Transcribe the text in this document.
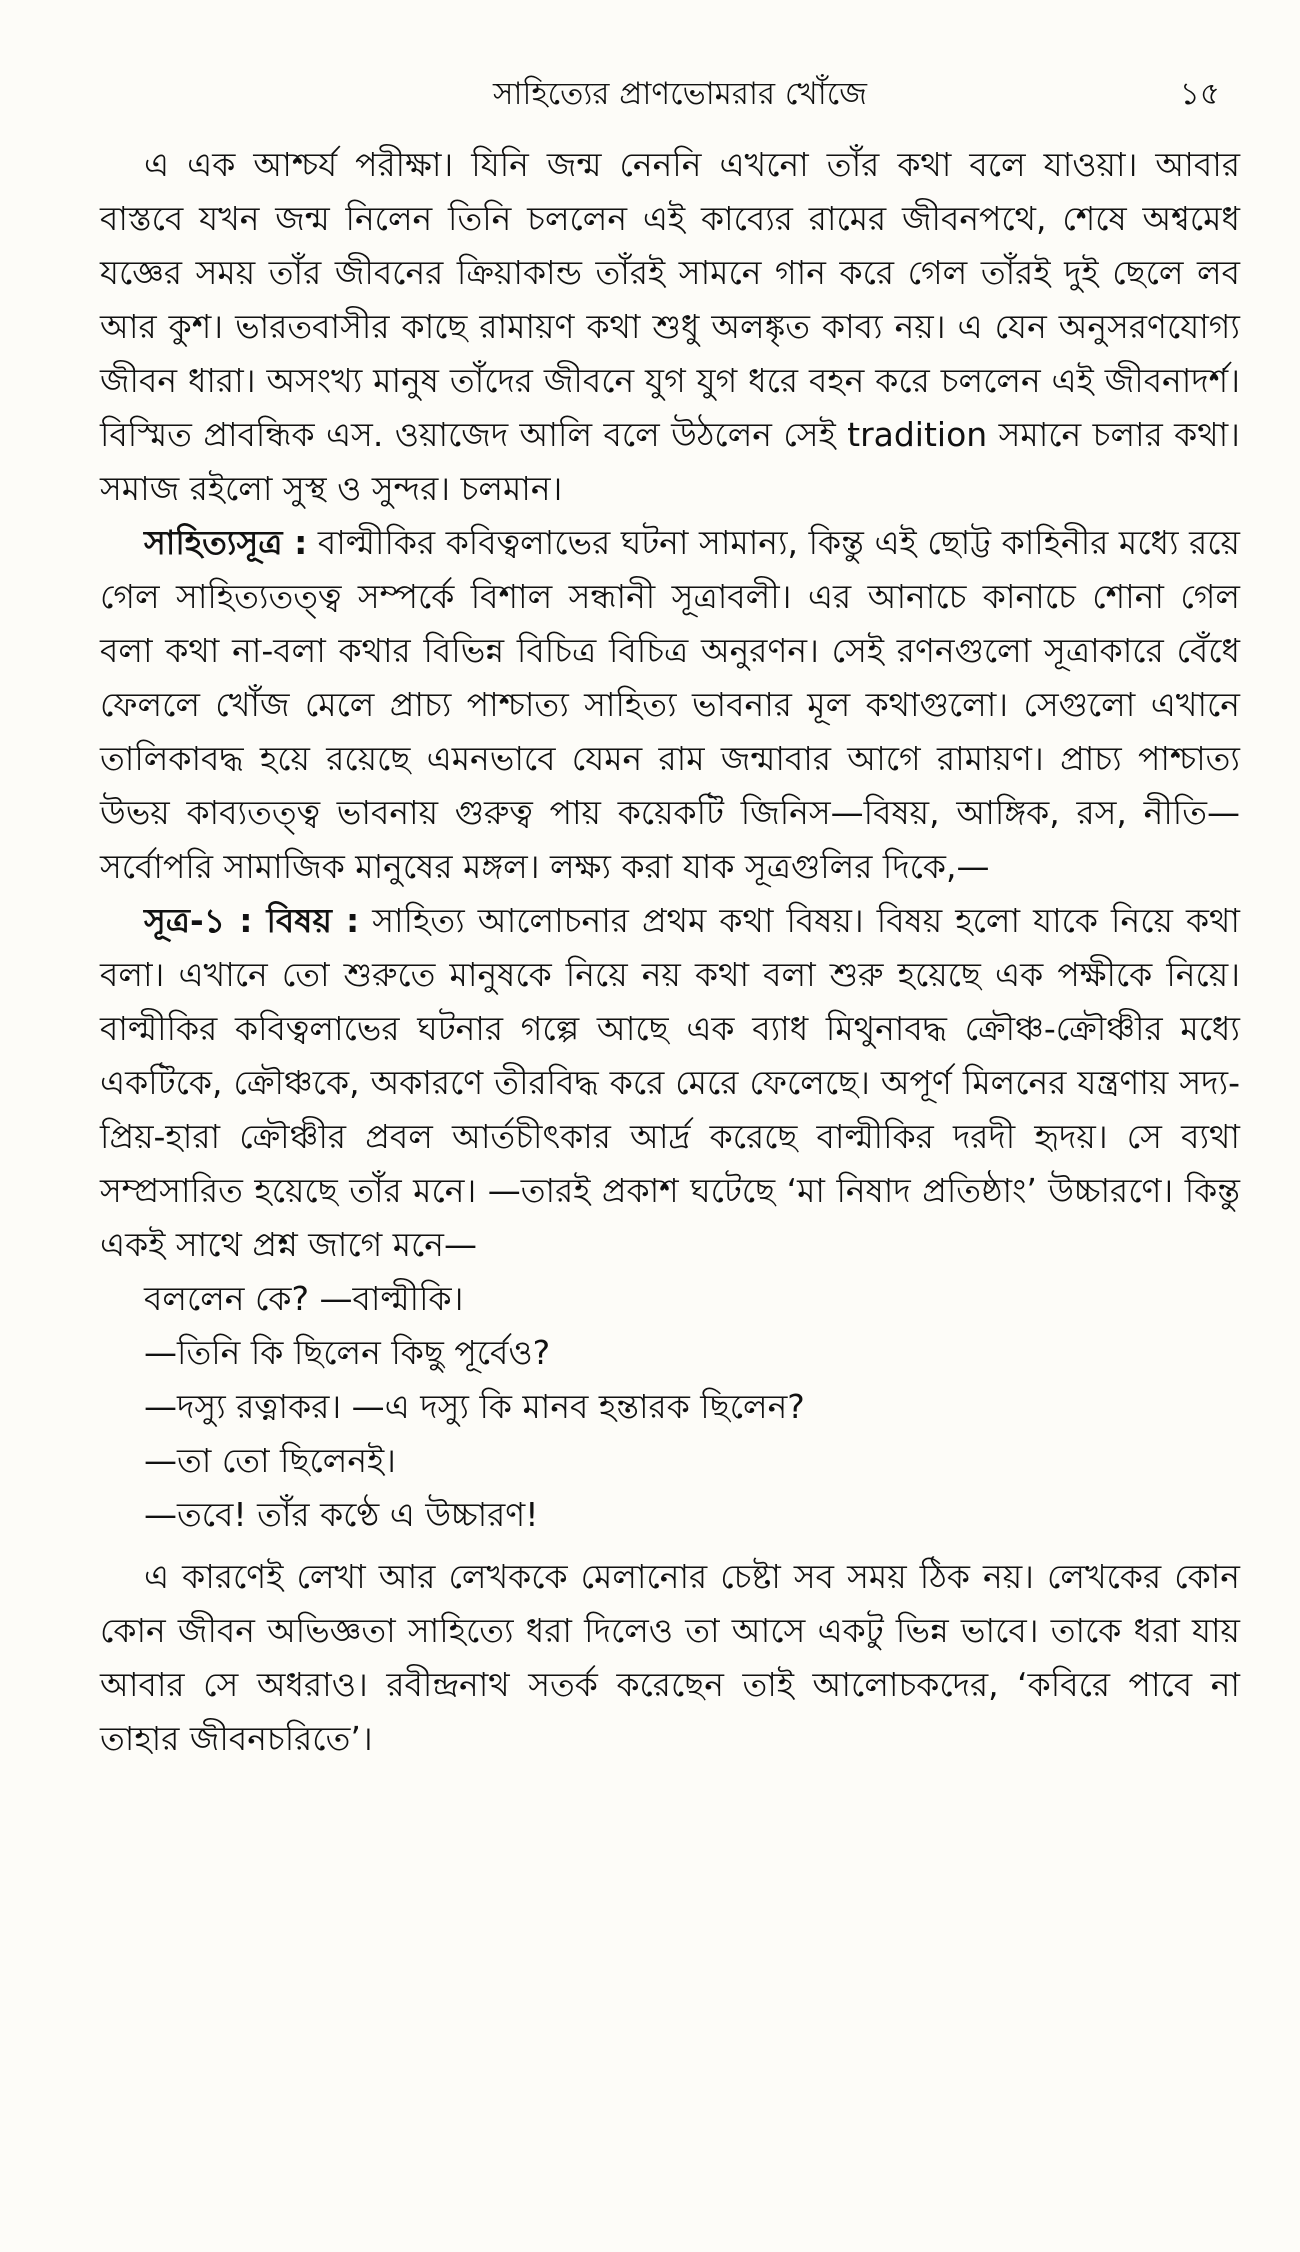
সাহিত্যের প্রাণভোমরার খোঁজে	১৫

এ এক আশ্চর্য পরীক্ষা। যিনি জন্ম নেননি এখনো তাঁর কথা বলে যাওয়া। আবার বাস্তবে যখন জন্ম নিলেন তিনি চললেন এই কাব্যের রামের জীবনপথে, শেষে অশ্বমেধ যজ্ঞের সময় তাঁর জীবনের ক্রিয়াকান্ড তাঁরই সামনে গান করে গেল তাঁরই দুই ছেলে লব আর কুশ। ভারতবাসীর কাছে রামায়ণ কথা শুধু অলঙ্কৃত কাব্য নয়। এ যেন অনুসরণযোগ্য জীবন ধারা। অসংখ্য মানুষ তাঁদের জীবনে যুগ যুগ ধরে বহন করে চললেন এই জীবনাদর্শ। বিস্মিত প্রাবন্ধিক এস. ওয়াজেদ আলি বলে উঠলেন সেই tradition সমানে চলার কথা। সমাজ রইলো সুস্থ ও সুন্দর। চলমান।

সাহিত্যসূত্র : বাল্মীকির কবিত্বলাভের ঘটনা সামান্য, কিন্তু এই ছোট্ট কাহিনীর মধ্যে রয়ে গেল সাহিত্যতত্ত্ব সম্পর্কে বিশাল সন্ধানী সূত্রাবলী। এর আনাচে কানাচে শোনা গেল বলা কথা না-বলা কথার বিভিন্ন বিচিত্র বিচিত্র অনুরণন। সেই রণনগুলো সূত্রাকারে বেঁধে ফেললে খোঁজ মেলে প্রাচ্য পাশ্চাত্য সাহিত্য ভাবনার মূল কথাগুলো। সেগুলো এখানে তালিকাবদ্ধ হয়ে রয়েছে এমনভাবে যেমন রাম জন্মাবার আগে রামায়ণ। প্রাচ্য পাশ্চাত্য উভয় কাব্যতত্ত্ব ভাবনায় গুরুত্ব পায় কয়েকটি জিনিস—বিষয়, আঙ্গিক, রস, নীতি—সর্বোপরি সামাজিক মানুষের মঙ্গল। লক্ষ্য করা যাক সূত্রগুলির দিকে,—

সূত্র-১ : বিষয় : সাহিত্য আলোচনার প্রথম কথা বিষয়। বিষয় হলো যাকে নিয়ে কথা বলা। এখানে তো শুরুতে মানুষকে নিয়ে নয় কথা বলা শুরু হয়েছে এক পক্ষীকে নিয়ে। বাল্মীকির কবিত্বলাভের ঘটনার গল্পে আছে এক ব্যাধ মিথুনাবদ্ধ ক্রৌঞ্চ-ক্রৌঞ্চীর মধ্যে একটিকে, ক্রৌঞ্চকে, অকারণে তীরবিদ্ধ করে মেরে ফেলেছে। অপূর্ণ মিলনের যন্ত্রণায় সদ্য-প্রিয়-হারা ক্রৌঞ্চীর প্রবল আর্তচীৎকার আর্দ্র করেছে বাল্মীকির দরদী হৃদয়। সে ব্যথা সম্প্রসারিত হয়েছে তাঁর মনে। —তারই প্রকাশ ঘটেছে ‘মা নিষাদ প্রতিষ্ঠাং’ উচ্চারণে। কিন্তু একই সাথে প্রশ্ন জাগে মনে—

বললেন কে? —বাল্মীকি।

—তিনি কি ছিলেন কিছু পূর্বেও?

—দস্যু রত্নাকর। —এ দস্যু কি মানব হন্তারক ছিলেন?

—তা তো ছিলেনই।

—তবে! তাঁর কণ্ঠে এ উচ্চারণ!

এ কারণেই লেখা আর লেখককে মেলানোর চেষ্টা সব সময় ঠিক নয়। লেখকের কোন কোন জীবন অভিজ্ঞতা সাহিত্যে ধরা দিলেও তা আসে একটু ভিন্ন ভাবে। তাকে ধরা যায় আবার সে অধরাও। রবীন্দ্রনাথ সতর্ক করেছেন তাই আলোচকদের, ‘কবিরে পাবে না তাহার জীবনচরিতে’।
